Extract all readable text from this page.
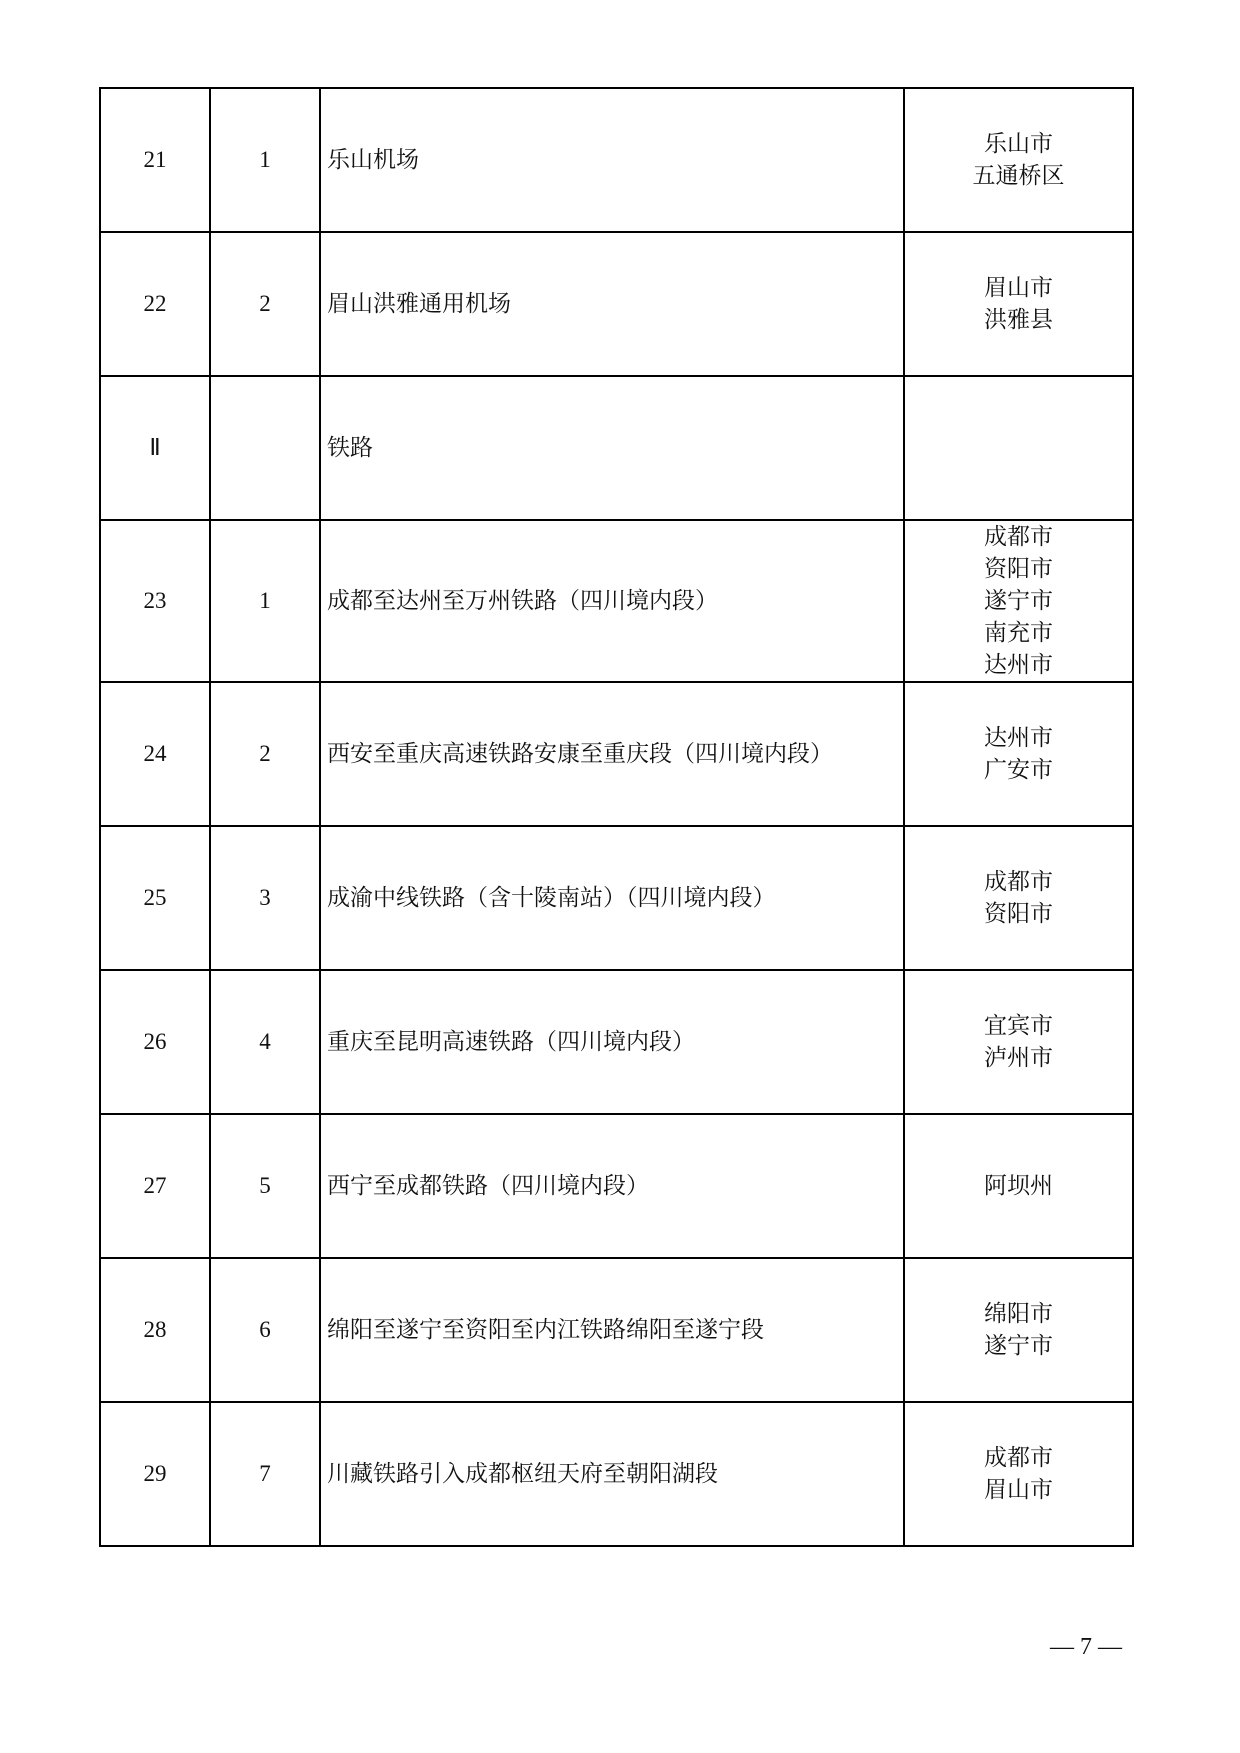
21	1	乐山机场	乐山市
五通桥区

22	2	眉山洪雅通用机场	眉山市
洪雅县

Ⅱ		铁路	
23	1	成都至达州至万州铁路（四川境内段）	成都市
资阳市
遂宁市
南充市
达州市

24	2	西安至重庆高速铁路安康至重庆段（四川境内段）	达州市
广安市

25	3	成渝中线铁路（含十陵南站）（四川境内段）	成都市
资阳市

26	4	重庆至昆明高速铁路（四川境内段）	宜宾市
泸州市

27	5	西宁至成都铁路（四川境内段）	阿坝州

28	6	绵阳至遂宁至资阳至内江铁路绵阳至遂宁段	绵阳市
遂宁市

29	7	川藏铁路引入成都枢纽天府至朝阳湖段	成都市
眉山市
— 7 —
